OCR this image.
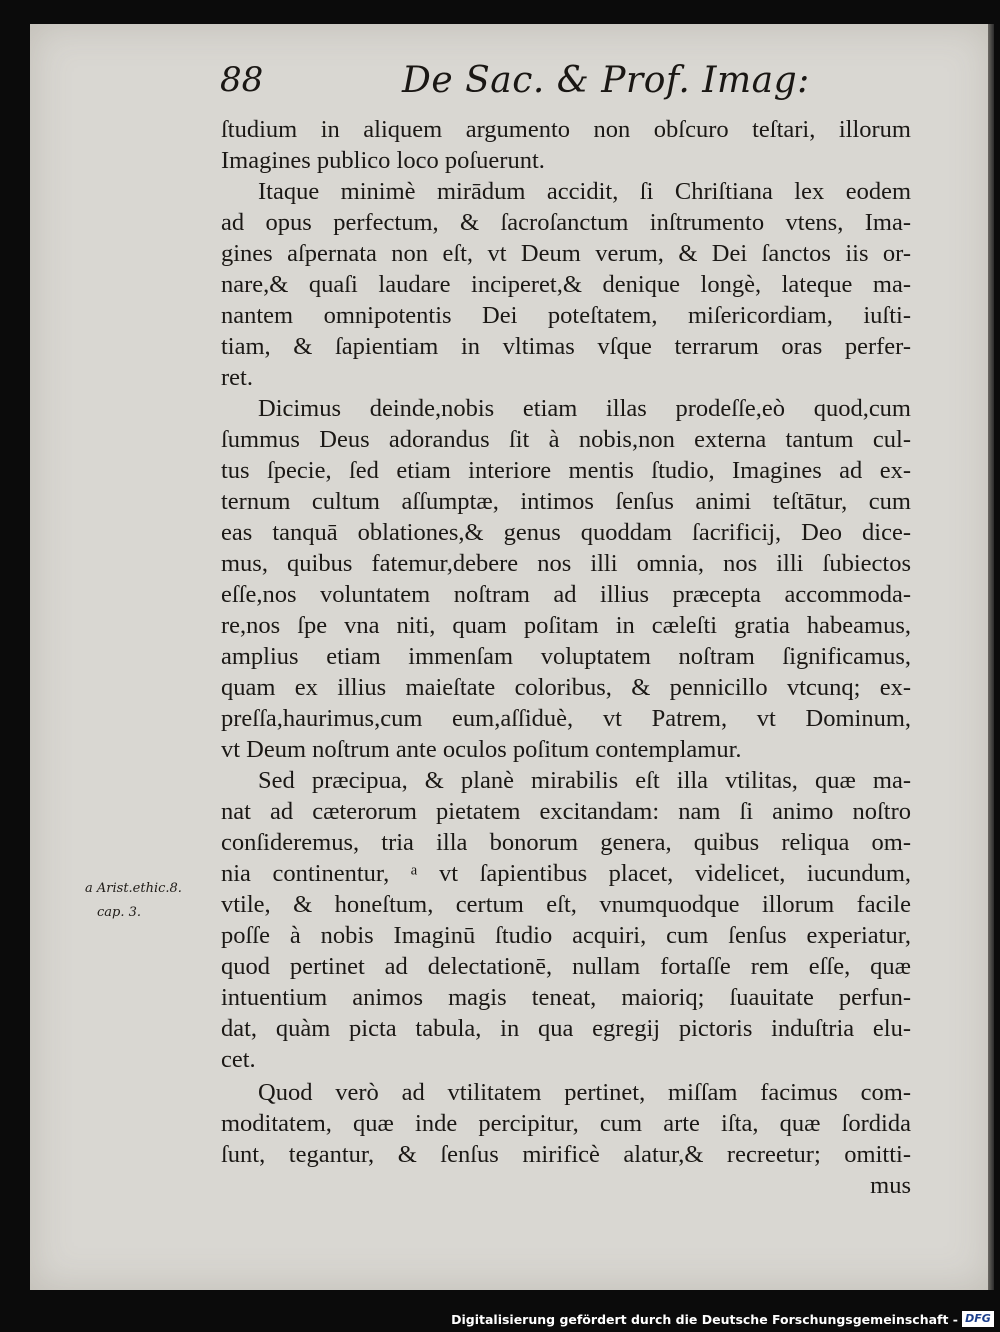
88	De Sac. & Prof. Imag:
ſtudium in aliquem argumento non obſcuro teſtari, illorum
Imagines publico loco poſuerunt.
Itaque minimè mirādum accidit, ſi Chriſtiana lex eodem
ad opus perfectum, & ſacroſanctum inſtrumento vtens, Ima-
gines aſpernata non eſt, vt Deum verum, & Dei ſanctos iis or-
nare,& quaſi laudare inciperet,& denique longè, lateque ma-
nantem omnipotentis Dei poteſtatem, miſericordiam, iuſti-
tiam, & ſapientiam in vltimas vſque terrarum oras perfer-
ret.
Dicimus deinde,nobis etiam illas prodeſſe,eò quod,cum
ſummus Deus adorandus ſit à nobis,non externa tantum cul-
tus ſpecie, ſed etiam interiore mentis ſtudio, Imagines ad ex-
ternum cultum aſſumptæ, intimos ſenſus animi teſtātur, cum
eas tanquā oblationes,& genus quoddam ſacrificij, Deo dice-
mus, quibus fatemur,debere nos illi omnia, nos illi ſubiectos
eſſe,nos voluntatem noſtram ad illius præcepta accommoda-
re,nos ſpe vna niti, quam poſitam in cæleſti gratia habeamus,
amplius etiam immenſam voluptatem noſtram ſignificamus,
quam ex illius maieſtate coloribus, & pennicillo vtcunq; ex-
preſſa,haurimus,cum eum,aſſiduè, vt Patrem, vt Dominum,
vt Deum noſtrum ante oculos poſitum contemplamur.
Sed præcipua, & planè mirabilis eſt illa vtilitas, quæ ma-
nat ad cæterorum pietatem excitandam: nam ſi animo noſtro
conſideremus, tria illa bonorum genera, quibus reliqua om-
nia continentur, ᵃ vt ſapientibus placet, videlicet, iucundum,
vtile, & honeſtum, certum eſt, vnumquodque illorum facile
poſſe à nobis Imaginū ſtudio acquiri, cum ſenſus experiatur,
quod pertinet ad delectationē, nullam fortaſſe rem eſſe, quæ
intuentium animos magis teneat, maioriq; ſuauitate perfun-
dat, quàm picta tabula, in qua egregij pictoris induſtria elu-
cet.
Quod verò ad vtilitatem pertinet, miſſam facimus com-
moditatem, quæ inde percipitur, cum arte iſta, quæ ſordida
ſunt, tegantur, & ſenſus mirificè alatur,& recreetur; omitti-
mus
a Arist.ethic.8.
cap. 3.
Digitalisierung gefördert durch die Deutsche Forschungsgemeinschaft - DFG
